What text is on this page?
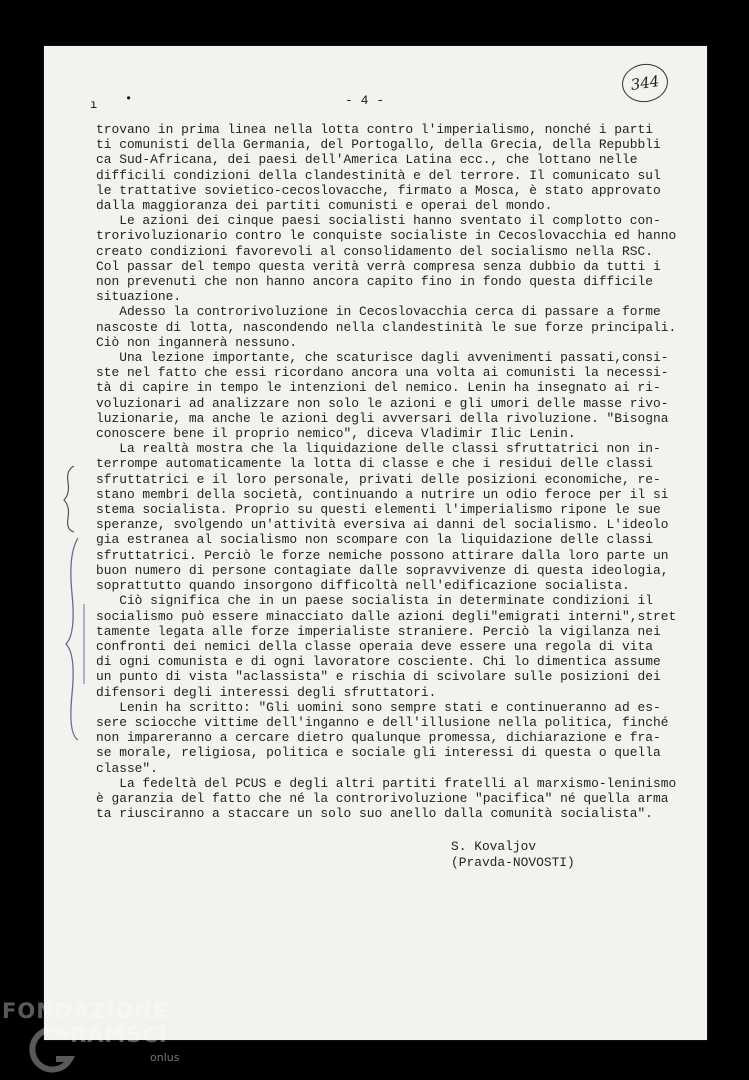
ı •	- 4 -
344
trovano in prima linea nella lotta contro l'imperialismo, nonché i parti
ti comunisti della Germania, del Portogallo, della Grecia, della Repubbli
ca Sud-Africana, dei paesi dell'America Latina ecc., che lottano nelle
difficili condizioni della clandestinità e del terrore. Il comunicato sul
le trattative sovietico-cecoslovacche, firmato a Mosca, è stato approvato
dalla maggioranza dei partiti comunisti e operai del mondo.
Le azioni dei cinque paesi socialisti hanno sventato il complotto con-
trorivoluzionario contro le conquiste socialiste in Cecoslovacchia ed hanno
creato condizioni favorevoli al consolidamento del socialismo nella RSC.
Col passar del tempo questa verità verrà compresa senza dubbio da tutti i
non prevenuti che non hanno ancora capito fino in fondo questa difficile
situazione.
Adesso la controrivoluzione in Cecoslovacchia cerca di passare a forme
nascoste di lotta, nascondendo nella clandestinità le sue forze principali.
Ciò non ingannerà nessuno.
Una lezione importante, che scaturisce dagli avvenimenti passati,consi-
ste nel fatto che essi ricordano ancora una volta ai comunisti la necessi-
tà di capire in tempo le intenzioni del nemico. Lenin ha insegnato ai ri-
voluzionari ad analizzare non solo le azioni e gli umori delle masse rivo-
luzionarie, ma anche le azioni degli avversari della rivoluzione. "Bisogna
conoscere bene il proprio nemico", diceva Vladimir Ilic Lenin.
La realtà mostra che la liquidazione delle classi sfruttatrici non in-
terrompe automaticamente la lotta di classe e che i residui delle classi
sfruttatrici e il loro personale, privati delle posizioni economiche, re-
stano membri della società, continuando a nutrire un odio feroce per il si
stema socialista. Proprio su questi elementi l'imperialismo ripone le sue
speranze, svolgendo un'attività eversiva ai danni del socialismo. L'ideolo
gia estranea al socialismo non scompare con la liquidazione delle classi
sfruttatrici. Perciò le forze nemiche possono attirare dalla loro parte un
buon numero di persone contagiate dalle sopravvivenze di questa ideologia,
soprattutto quando insorgono difficoltà nell'edificazione socialista.
Ciò significa che in un paese socialista in determinate condizioni il
socialismo può essere minacciato dalle azioni degli"emigrati interni",stret
tamente legata alle forze imperialiste straniere. Perciò la vigilanza nei
confronti dei nemici della classe operaia deve essere una regola di vita
di ogni comunista e di ogni lavoratore cosciente. Chi lo dimentica assume
un punto di vista "aclassista" e rischia di scivolare sulle posizioni dei
difensori degli interessi degli sfruttatori.
Lenin ha scritto: "Gli uomini sono sempre stati e continueranno ad es-
sere sciocche vittime dell'inganno e dell'illusione nella politica, finché
non impareranno a cercare dietro qualunque promessa, dichiarazione e fra-
se morale, religiosa, politica e sociale gli interessi di questa o quella
classe".
La fedeltà del PCUS e degli altri partiti fratelli al marxismo-leninismo
è garanzia del fatto che né la controrivoluzione "pacifica" né quella arma
ta riusciranno a staccare un solo suo anello dalla comunità socialista".
S. Kovaljov
(Pravda-NOVOSTI)
FONDAZIONE
RAMSCI
onlus
